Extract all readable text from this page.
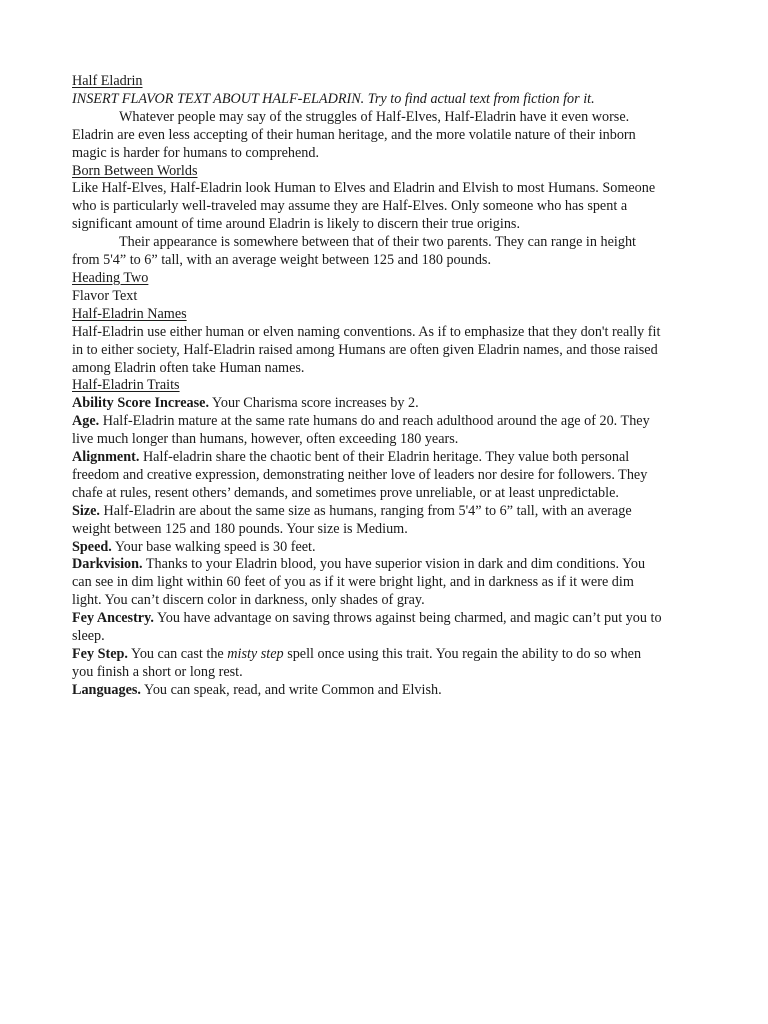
Half Eladrin
INSERT FLAVOR TEXT ABOUT HALF-ELADRIN. Try to find actual text from fiction for it.
Whatever people may say of the struggles of Half-Elves, Half-Eladrin have it even worse.
Eladrin are even less accepting of their human heritage, and the more volatile nature of their inborn
magic is harder for humans to comprehend.
Born Between Worlds
Like Half-Elves, Half-Eladrin look Human to Elves and Eladrin and Elvish to most Humans. Someone
who is particularly well-traveled may assume they are Half-Elves. Only someone who has spent a
significant amount of time around Eladrin is likely to discern their true origins.
Their appearance is somewhere between that of their two parents. They can range in height
from 5'4” to 6” tall, with an average weight between 125 and 180 pounds.
Heading Two
Flavor Text
Half-Eladrin Names
Half-Eladrin use either human or elven naming conventions. As if to emphasize that they don't really fit
in to either society, Half-Eladrin raised among Humans are often given Eladrin names, and those raised
among Eladrin often take Human names.
Half-Eladrin Traits
Ability Score Increase. Your Charisma score increases by 2.
Age. Half-Eladrin mature at the same rate humans do and reach adulthood around the age of 20. They
live much longer than humans, however, often exceeding 180 years.
Alignment. Half-eladrin share the chaotic bent of their Eladrin heritage. They value both personal
freedom and creative expression, demonstrating neither love of leaders nor desire for followers. They
chafe at rules, resent others’ demands, and sometimes prove unreliable, or at least unpredictable.
Size. Half-Eladrin are about the same size as humans, ranging from 5'4” to 6” tall, with an average
weight between 125 and 180 pounds. Your size is Medium.
Speed. Your base walking speed is 30 feet.
Darkvision. Thanks to your Eladrin blood, you have superior vision in dark and dim conditions. You
can see in dim light within 60 feet of you as if it were bright light, and in darkness as if it were dim
light. You can’t discern color in darkness, only shades of gray.
Fey Ancestry. You have advantage on saving throws against being charmed, and magic can’t put you to
sleep.
Fey Step. You can cast the misty step spell once using this trait. You regain the ability to do so when
you finish a short or long rest.
Languages. You can speak, read, and write Common and Elvish.
